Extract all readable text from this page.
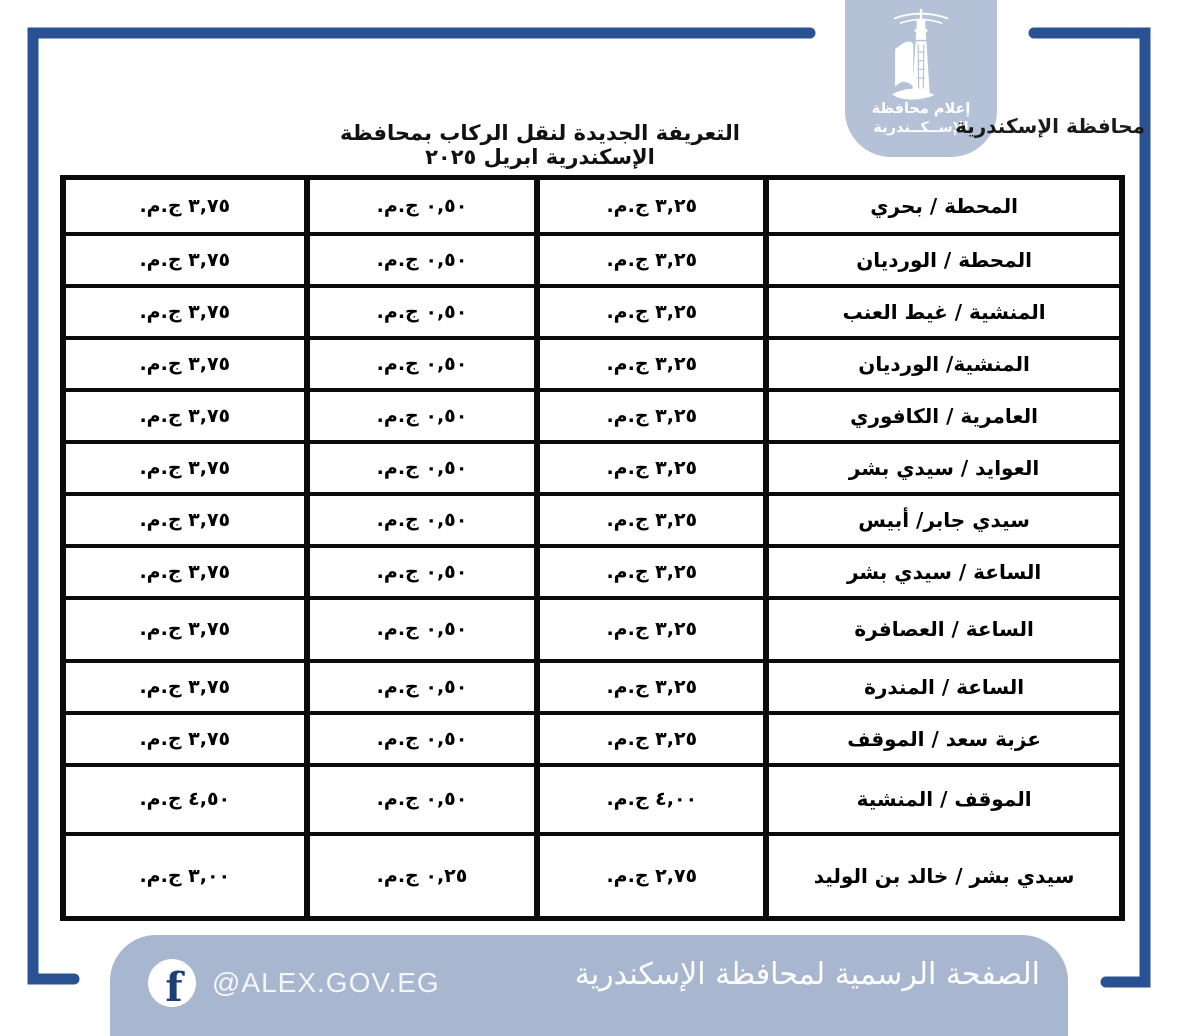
إعلام محافظة
الإســكــندرية
محافظة الإسكندرية
التعريفة الجديدة لنقل الركاب بمحافظة الإسكندرية ابريل ٢٠٢٥
المحطة / بحري	٣,٢٥ ج.م.	٠,٥٠ ج.م.	٣,٧٥ ج.م.
المحطة / الورديان	٣,٢٥ ج.م.	٠,٥٠ ج.م.	٣,٧٥ ج.م.
المنشية / غيط العنب	٣,٢٥ ج.م.	٠,٥٠ ج.م.	٣,٧٥ ج.م.
المنشية/ الورديان	٣,٢٥ ج.م.	٠,٥٠ ج.م.	٣,٧٥ ج.م.
العامرية / الكافوري	٣,٢٥ ج.م.	٠,٥٠ ج.م.	٣,٧٥ ج.م.
العوايد / سيدي بشر	٣,٢٥ ج.م.	٠,٥٠ ج.م.	٣,٧٥ ج.م.
سيدي جابر/ أبيس	٣,٢٥ ج.م.	٠,٥٠ ج.م.	٣,٧٥ ج.م.
الساعة / سيدي بشر	٣,٢٥ ج.م.	٠,٥٠ ج.م.	٣,٧٥ ج.م.
الساعة / العصافرة	٣,٢٥ ج.م.	٠,٥٠ ج.م.	٣,٧٥ ج.م.
الساعة / المندرة	٣,٢٥ ج.م.	٠,٥٠ ج.م.	٣,٧٥ ج.م.
عزبة سعد / الموقف	٣,٢٥ ج.م.	٠,٥٠ ج.م.	٣,٧٥ ج.م.
الموقف / المنشية	٤,٠٠ ج.م.	٠,٥٠ ج.م.	٤,٥٠ ج.م.
سيدي بشر / خالد بن الوليد	٢,٧٥ ج.م.	٠,٢٥ ج.م.	٣,٠٠ ج.م.
f @ALEX.GOV.EG	الصفحة الرسمية لمحافظة الإسكندرية
